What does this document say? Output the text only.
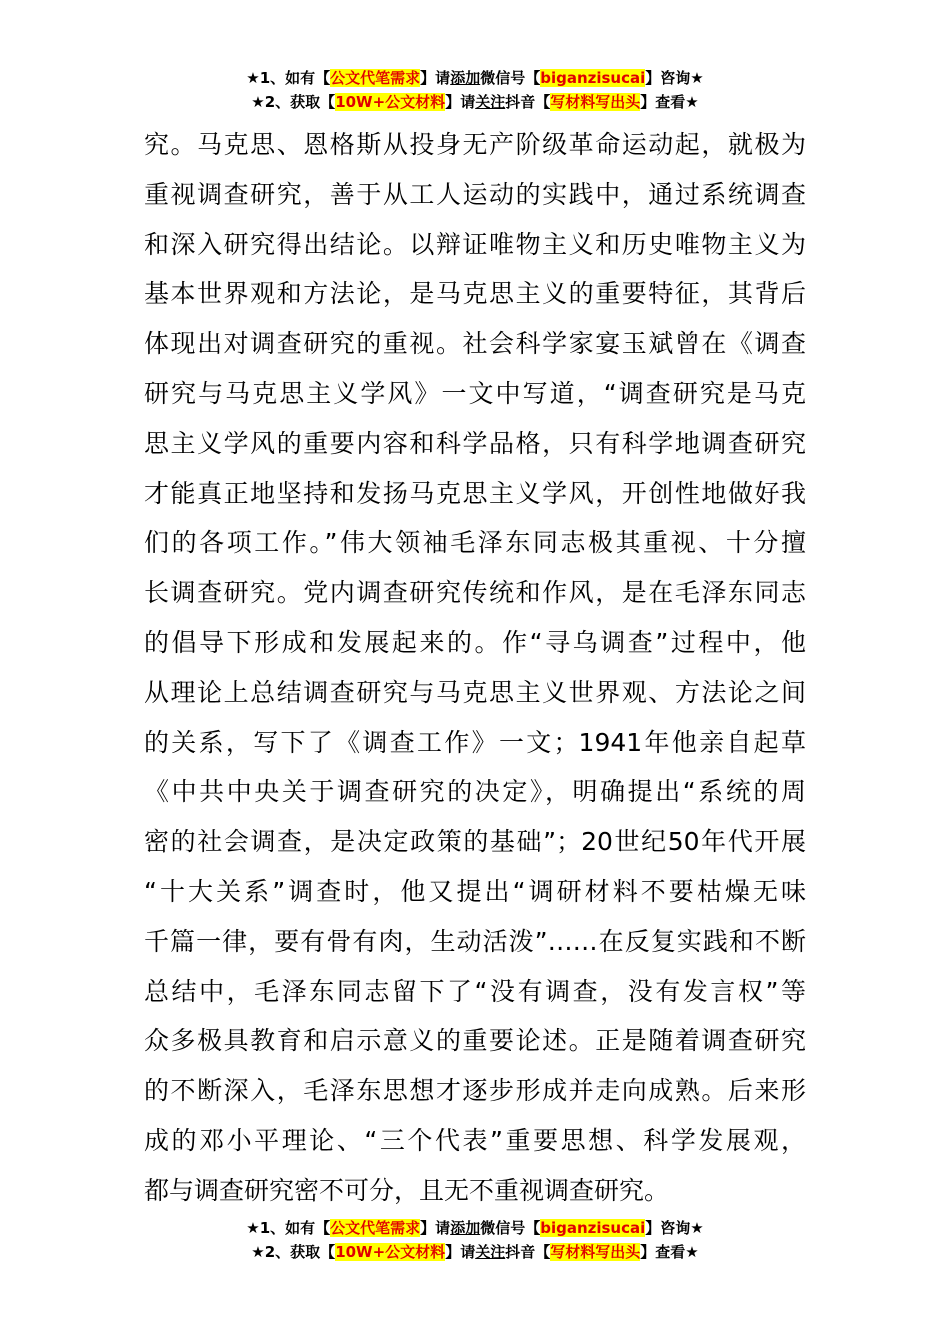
★1、如有【公文代笔需求】请添加微信号【biganzisucai】咨询★
★2、获取【10W+公文材料】请关注抖音【写材料写出头】查看★
究。马克思、恩格斯从投身无产阶级革命运动起，就极为
重视调查研究，善于从工人运动的实践中，通过系统调查
和深入研究得出结论。以辩证唯物主义和历史唯物主义为
基本世界观和方法论，是马克思主义的重要特征，其背后
体现出对调查研究的重视。社会科学家宴玉斌曾在《调查
研究与马克思主义学风》一文中写道，“调查研究是马克
思主义学风的重要内容和科学品格，只有科学地调查研究
才能真正地坚持和发扬马克思主义学风，开创性地做好我
们的各项工作。”伟大领袖毛泽东同志极其重视、十分擅
长调查研究。党内调查研究传统和作风，是在毛泽东同志
的倡导下形成和发展起来的。作“寻乌调查”过程中，他
从理论上总结调查研究与马克思主义世界观、方法论之间
的关系，写下了《调查工作》一文；1941年他亲自起草
《中共中央关于调查研究的决定》，明确提出“系统的周
密的社会调查，是决定政策的基础”；20世纪50年代开展
“十大关系”调查时，他又提出“调研材料不要枯燥无味
千篇一律，要有骨有肉，生动活泼”……在反复实践和不断
总结中，毛泽东同志留下了“没有调查，没有发言权”等
众多极具教育和启示意义的重要论述。正是随着调查研究
的不断深入，毛泽东思想才逐步形成并走向成熟。后来形
成的邓小平理论、“三个代表”重要思想、科学发展观，
都与调查研究密不可分，且无不重视调查研究。
★1、如有【公文代笔需求】请添加微信号【biganzisucai】咨询★
★2、获取【10W+公文材料】请关注抖音【写材料写出头】查看★
